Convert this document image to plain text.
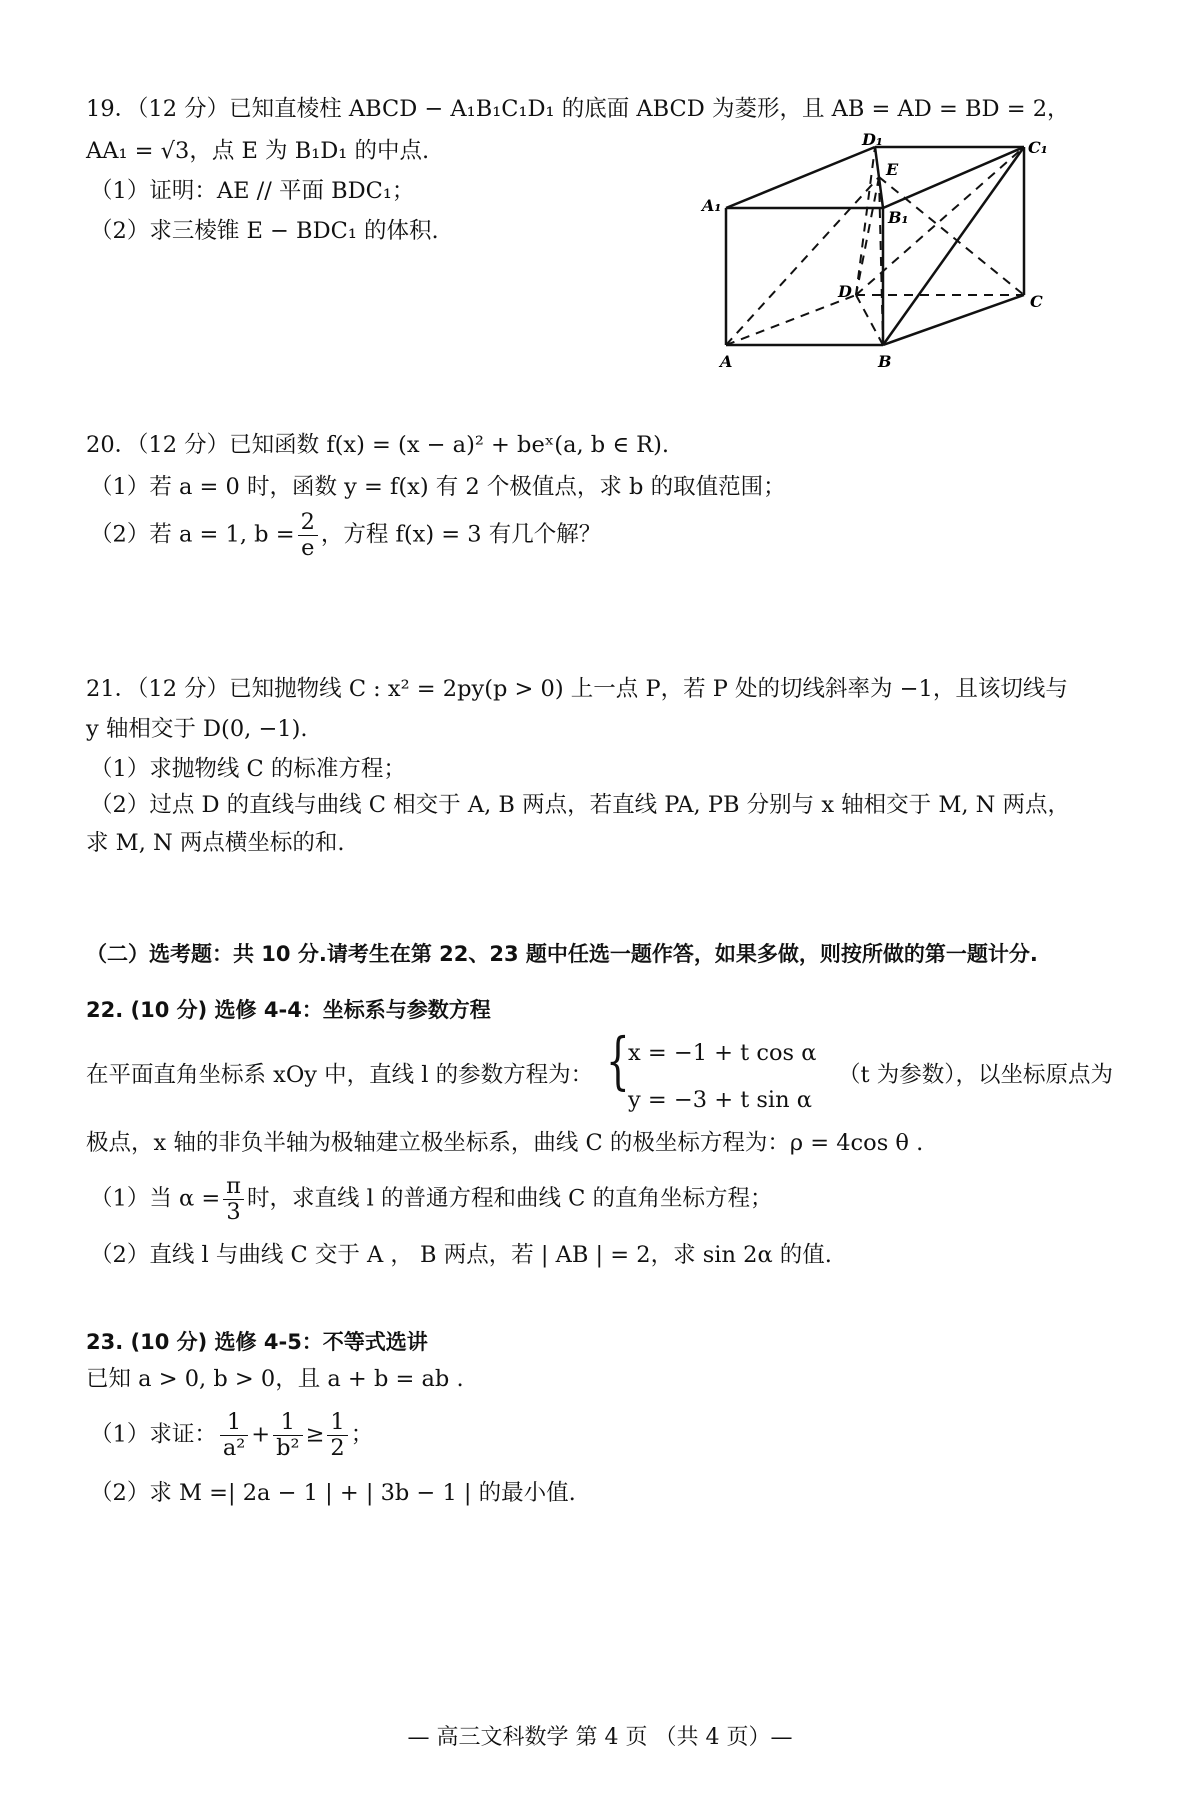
19．（12 分）已知直棱柱 ABCD − A₁B₁C₁D₁ 的底面 ABCD 为菱形，且 AB = AD = BD = 2，
AA₁ = √3，点 E 为 B₁D₁ 的中点.
（1）证明：AE // 平面 BDC₁；
（2）求三棱锥 E − BDC₁ 的体积.
D₁	C₁
E
A₁
B₁
D
C
A	B
20．（12 分）已知函数 f(x) = (x − a)² + beˣ(a, b ∈ R).
（1）若 a = 0 时，函数 y = f(x) 有 2 个极值点，求 b 的取值范围；
（2）若 a = 1, $b = \frac{2}{e}$ ，方程 f(x) = 3 有几个解？
21．（12 分）已知抛物线 C : x² = 2py(p > 0) 上一点 P，若 P 处的切线斜率为 −1，且该切线与
y 轴相交于 D(0, −1).
（1）求抛物线 C 的标准方程；
（2）过点 D 的直线与曲线 C 相交于 A, B 两点，若直线 PA, PB 分别与 x 轴相交于 M, N 两点，
求 M, N 两点横坐标的和.
（二）选考题：共 10 分.请考生在第 22、23 题中任选一题作答，如果多做，则按所做的第一题计分.
22. (10 分) 选修 4-4：坐标系与参数方程
在平面直角坐标系 xOy 中，直线 l 的参数方程为： {
x = −1 + t cos α
y = −3 + t sin α
（t 为参数），以坐标原点为
极点，x 轴的非负半轴为极轴建立极坐标系，曲线 C 的极坐标方程为：ρ = 4cos θ .
（1）当 $\alpha = \frac{\pi}{3}$ 时，求直线 l 的普通方程和曲线 C 的直角坐标方程；
（2）直线 l 与曲线 C 交于 A ， B 两点，若 | AB | = 2，求 sin 2α 的值.
23. (10 分) 选修 4-5：不等式选讲
已知 a > 0, b > 0，且 a + b = ab .
（1）求证： $\frac{1}{\text{a²}} + \frac{1}{\text{b²}} \ge \frac{1}{2}$ ；
（2）求 M =| 2a − 1 | + | 3b − 1 | 的最小值.
— 高三文科数学 第 4 页 （共 4 页）—
